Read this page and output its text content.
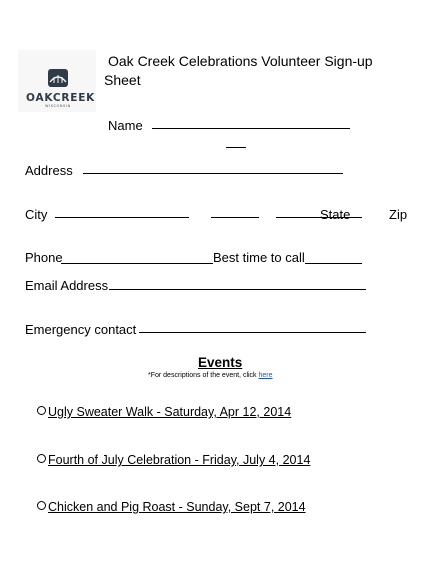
OAKCREEK
WISCONSIN
Oak Creek Celebrations Volunteer Sign-up
Sheet
Name
Address
City	State	Zip
Phone	Best time to call
Email Address
Emergency contact
Events
*For descriptions of the event, click here
Ugly Sweater Walk - Saturday, Apr 12, 2014
Fourth of July Celebration - Friday, July 4, 2014
Chicken and Pig Roast - Sunday, Sept 7, 2014
